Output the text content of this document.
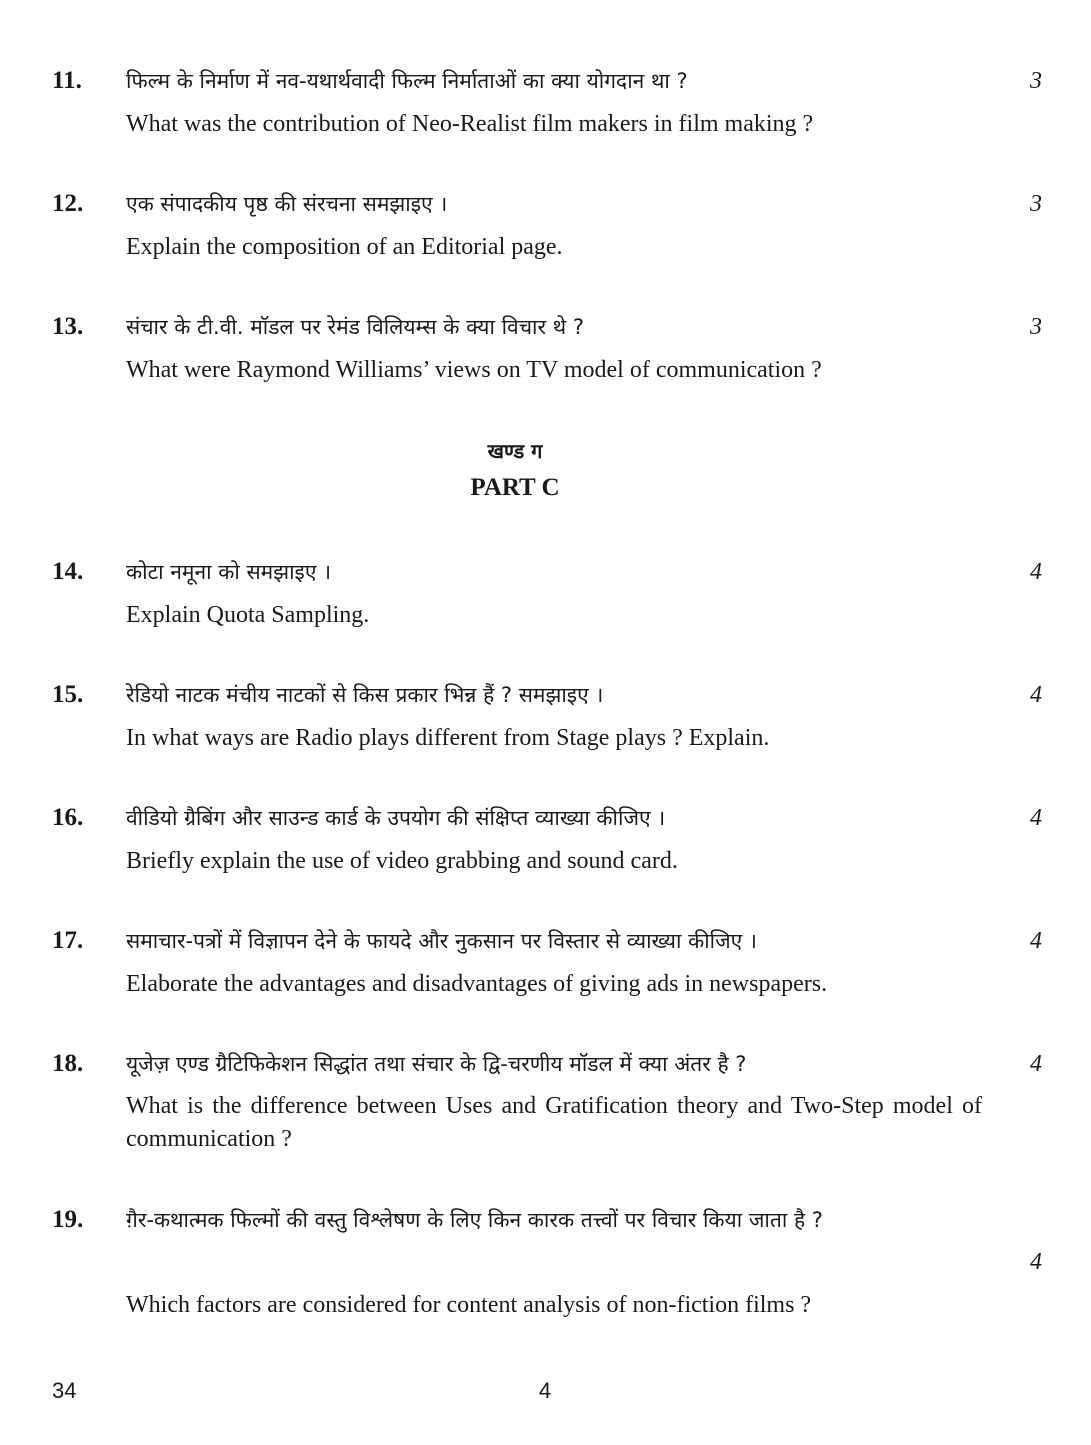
11. फिल्म के निर्माण में नव-यथार्थवादी फिल्म निर्माताओं का क्या योगदान था ?
What was the contribution of Neo-Realist film makers in film making ?
3
12. एक संपादकीय पृष्ठ की संरचना समझाइए ।
Explain the composition of an Editorial page.
3
13. संचार के टी.वी. मॉडल पर रेमंड विलियम्स के क्या विचार थे ?
What were Raymond Williams’ views on TV model of communication ?
3
खण्ड ग
PART C
14. कोटा नमूना को समझाइए ।
Explain Quota Sampling.
4
15. रेडियो नाटक मंचीय नाटकों से किस प्रकार भिन्न हैं ? समझाइए ।
In what ways are Radio plays different from Stage plays ? Explain.
4
16. वीडियो ग्रैबिंग और साउन्ड कार्ड के उपयोग की संक्षिप्त व्याख्या कीजिए ।
Briefly explain the use of video grabbing and sound card.
4
17. समाचार-पत्रों में विज्ञापन देने के फायदे और नुकसान पर विस्तार से व्याख्या कीजिए ।
Elaborate the advantages and disadvantages of giving ads in newspapers.
4
18. यूजेज़ एण्ड ग्रैटिफिकेशन सिद्धांत तथा संचार के द्वि-चरणीय मॉडल में क्या अंतर है ?
What is the difference between Uses and Gratification theory and Two-Step model of communication ?
4
19. ग़ैर-कथात्मक फिल्मों की वस्तु विश्लेषण के लिए किन कारक तत्त्वों पर विचार किया जाता है ?
Which factors are considered for content analysis of non-fiction films ?
4
34	4
